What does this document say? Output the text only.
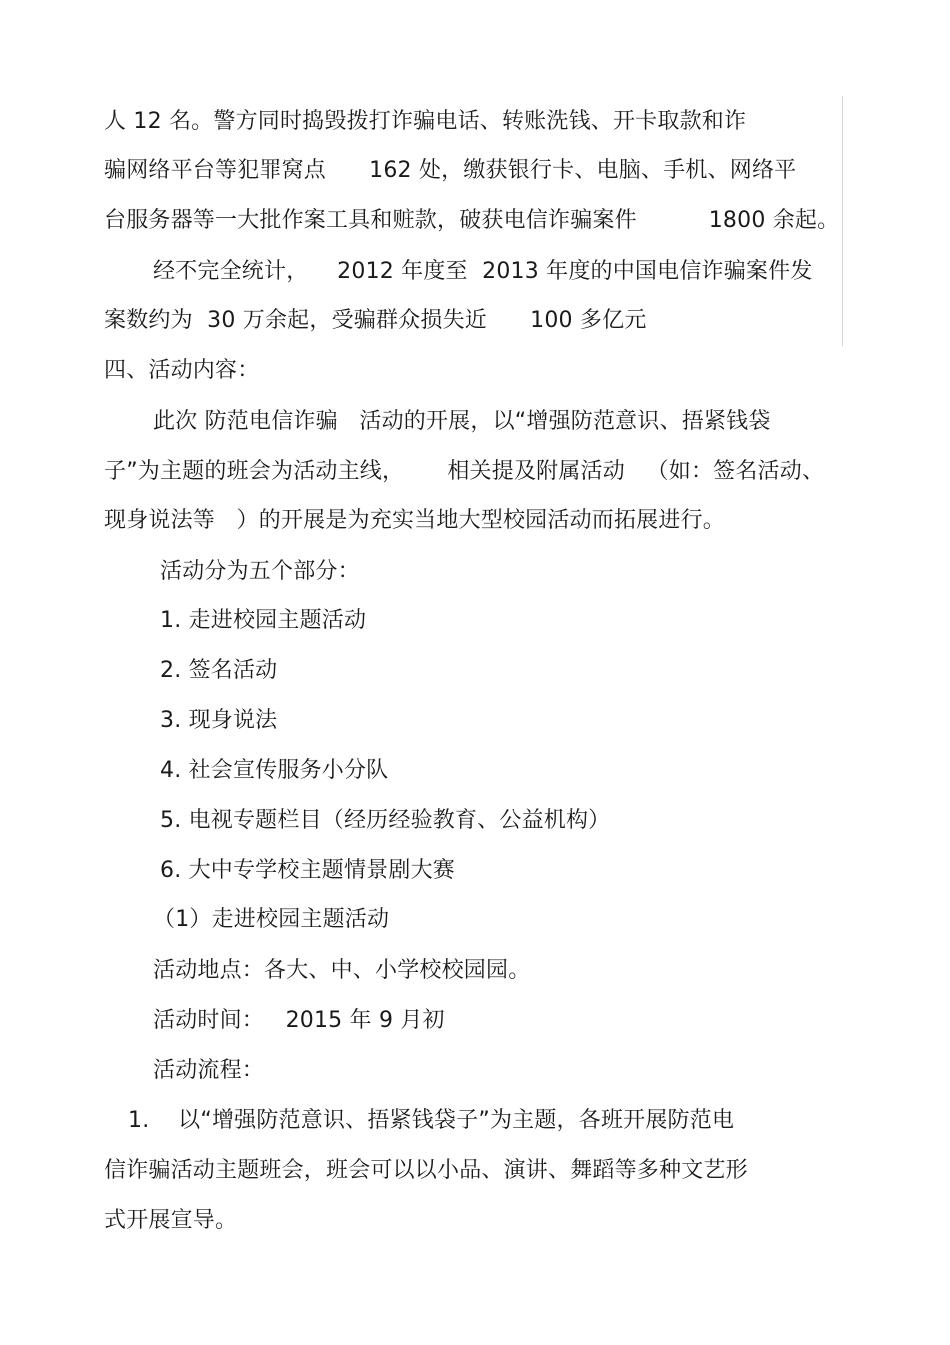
人 12 名。警方同时捣毁拨打诈骗电话、转账洗钱、开卡取款和诈
骗网络平台等犯罪窝点      162 处，缴获银行卡、电脑、手机、网络平
台服务器等一大批作案工具和赃款，破获电信诈骗案件          1800 余起。
经不完全统计，    2012 年度至  2013 年度的中国电信诈骗案件发
案数约为  30 万余起，受骗群众损失近      100 多亿元
四、活动内容：
此次 防范电信诈骗   活动的开展，以“增强防范意识、捂紧钱袋
子”为主题的班会为活动主线，      相关提及附属活动   （如：签名活动、
现身说法等   ）的开展是为充实当地大型校园活动而拓展进行。
活动分为五个部分：
1. 走进校园主题活动
2. 签名活动
3. 现身说法
4. 社会宣传服务小分队
5. 电视专题栏目（经历经验教育、公益机构）
6. 大中专学校主题情景剧大赛
（1）走进校园主题活动
活动地点：各大、中、小学校校园园。
活动时间：   2015 年 9 月初
活动流程：
1.    以“增强防范意识、捂紧钱袋子”为主题，各班开展防范电
信诈骗活动主题班会，班会可以以小品、演讲、舞蹈等多种文艺形
式开展宣导。
